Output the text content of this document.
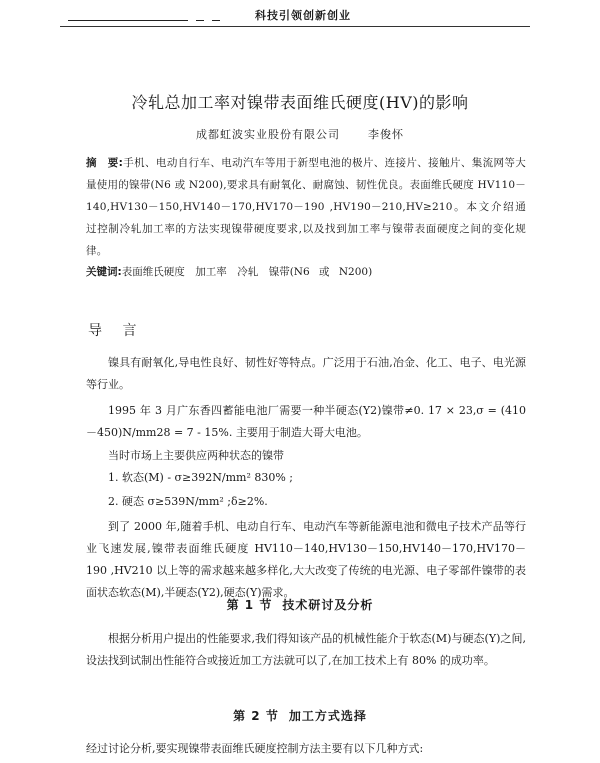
科技引领创新创业
冷轧总加工率对镍带表面维氏硬度(HV)的影响
成都虹波实业股份有限公司	李俊怀
摘　要:手机、电动自行车、电动汽车等用于新型电池的极片、连接片、接触片、集流网等大量使用的镍带(N6 或 N200),要求具有耐氧化、耐腐蚀、韧性优良。表面维氏硬度 HV110－140,HV130－150,HV140－170,HV170－190 ,HV190－210,HV≥210。本文介绍通过控制冷轧加工率的方法实现镍带硬度要求,以及找到加工率与镍带表面硬度之间的变化规律。
关键词:表面维氏硬度　加工率　冷轧　镍带(N6 或 N200)
导 言
镍具有耐氧化,导电性良好、韧性好等特点。广泛用于石油,冶金、化工、电子、电光源等行业。
1995 年 3 月广东香四蓄能电池厂需要一种半硬态(Y2)镍带≠0. 17 × 23,σ = (410－450)N/mm28 = 7 - 15%. 主要用于制造大哥大电池。
当时市场上主要供应两种状态的镍带
1. 软态(M) - σ≥392N/mm² 830% ;
2. 硬态 σ≥539N/mm² ;δ≥2%.
到了 2000 年,随着手机、电动自行车、电动汽车等新能源电池和微电子技术产品等行业飞速发展,镍带表面维氏硬度 HV110－140,HV130－150,HV140－170,HV170－190 ,HV210 以上等的需求越来越多样化,大大改变了传统的电光源、电子零部件镍带的表面状态软态(M),半硬态(Y2),硬态(Y)需求。
第 1 节 技术研讨及分析
根据分析用户提出的性能要求,我们得知该产品的机械性能介于软态(M)与硬态(Y)之间,设法找到试制出性能符合或接近加工方法就可以了,在加工技术上有 80% 的成功率。
第 2 节 加工方式选择
经过讨论分析,要实现镍带表面维氏硬度控制方法主要有以下几种方式:
